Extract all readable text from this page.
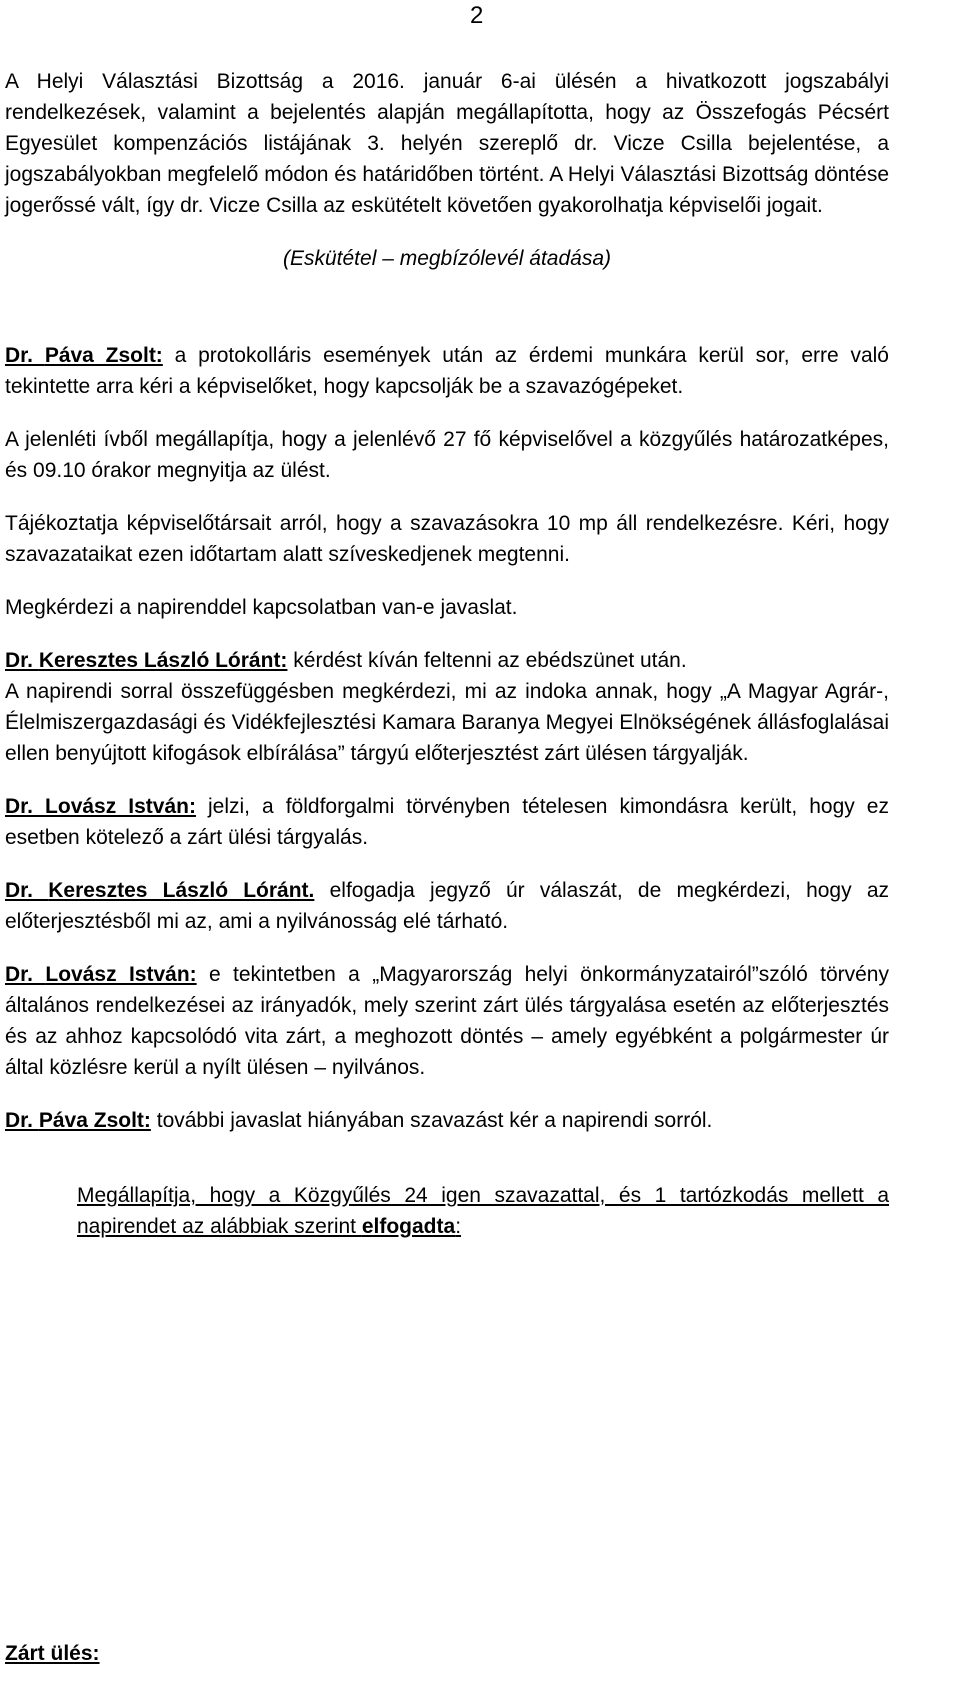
2

A Helyi Választási Bizottság a 2016. január 6-ai ülésén a hivatkozott jogszabályi rendelkezések, valamint a bejelentés alapján megállapította, hogy az Összefogás Pécsért Egyesület kompenzációs listájának 3. helyén szereplő dr. Vicze Csilla bejelentése, a jogszabályokban megfelelő módon és határidőben történt. A Helyi Választási Bizottság döntése jogerőssé vált, így dr. Vicze Csilla az eskütételt követően gyakorolhatja képviselői jogait.

(Eskütétel – megbízólevél átadása)

Dr. Páva Zsolt: a protokolláris események után az érdemi munkára kerül sor, erre való tekintette arra kéri a képviselőket, hogy kapcsolják be a szavazógépeket.

A jelenléti ívből megállapítja, hogy a jelenlévő 27 fő képviselővel a közgyűlés határozatképes, és 09.10 órakor megnyitja az ülést.

Tájékoztatja képviselőtársait arról, hogy a szavazásokra 10 mp áll rendelkezésre. Kéri, hogy szavazataikat ezen időtartam alatt szíveskedjenek megtenni.

Megkérdezi a napirenddel kapcsolatban van-e javaslat.

Dr. Keresztes László Lóránt: kérdést kíván feltenni az ebédszünet után.

A napirendi sorral összefüggésben megkérdezi, mi az indoka annak, hogy „A Magyar Agrár-, Élelmiszergazdasági és Vidékfejlesztési Kamara Baranya Megyei Elnökségének állásfoglalásai ellen benyújtott kifogások elbírálása” tárgyú előterjesztést zárt ülésen tárgyalják.

Dr. Lovász István: jelzi, a földforgalmi törvényben tételesen kimondásra került, hogy ez esetben kötelező a zárt ülési tárgyalás.

Dr. Keresztes László Lóránt. elfogadja jegyző úr válaszát, de megkérdezi, hogy az előterjesztésből mi az, ami a nyilvánosság elé tárható.

Dr. Lovász István: e tekintetben a „Magyarország helyi önkormányzatairól”szóló törvény általános rendelkezései az irányadók, mely szerint zárt ülés tárgyalása esetén az előterjesztés és az ahhoz kapcsolódó vita zárt, a meghozott döntés – amely egyébként a polgármester úr által közlésre kerül a nyílt ülésen – nyilvános.

Dr. Páva Zsolt: további javaslat hiányában szavazást kér a napirendi sorról.

Megállapítja, hogy a Közgyűlés 24 igen szavazattal, és 1 tartózkodás mellett a napirendet az alábbiak szerint elfogadta:

Zárt ülés:
